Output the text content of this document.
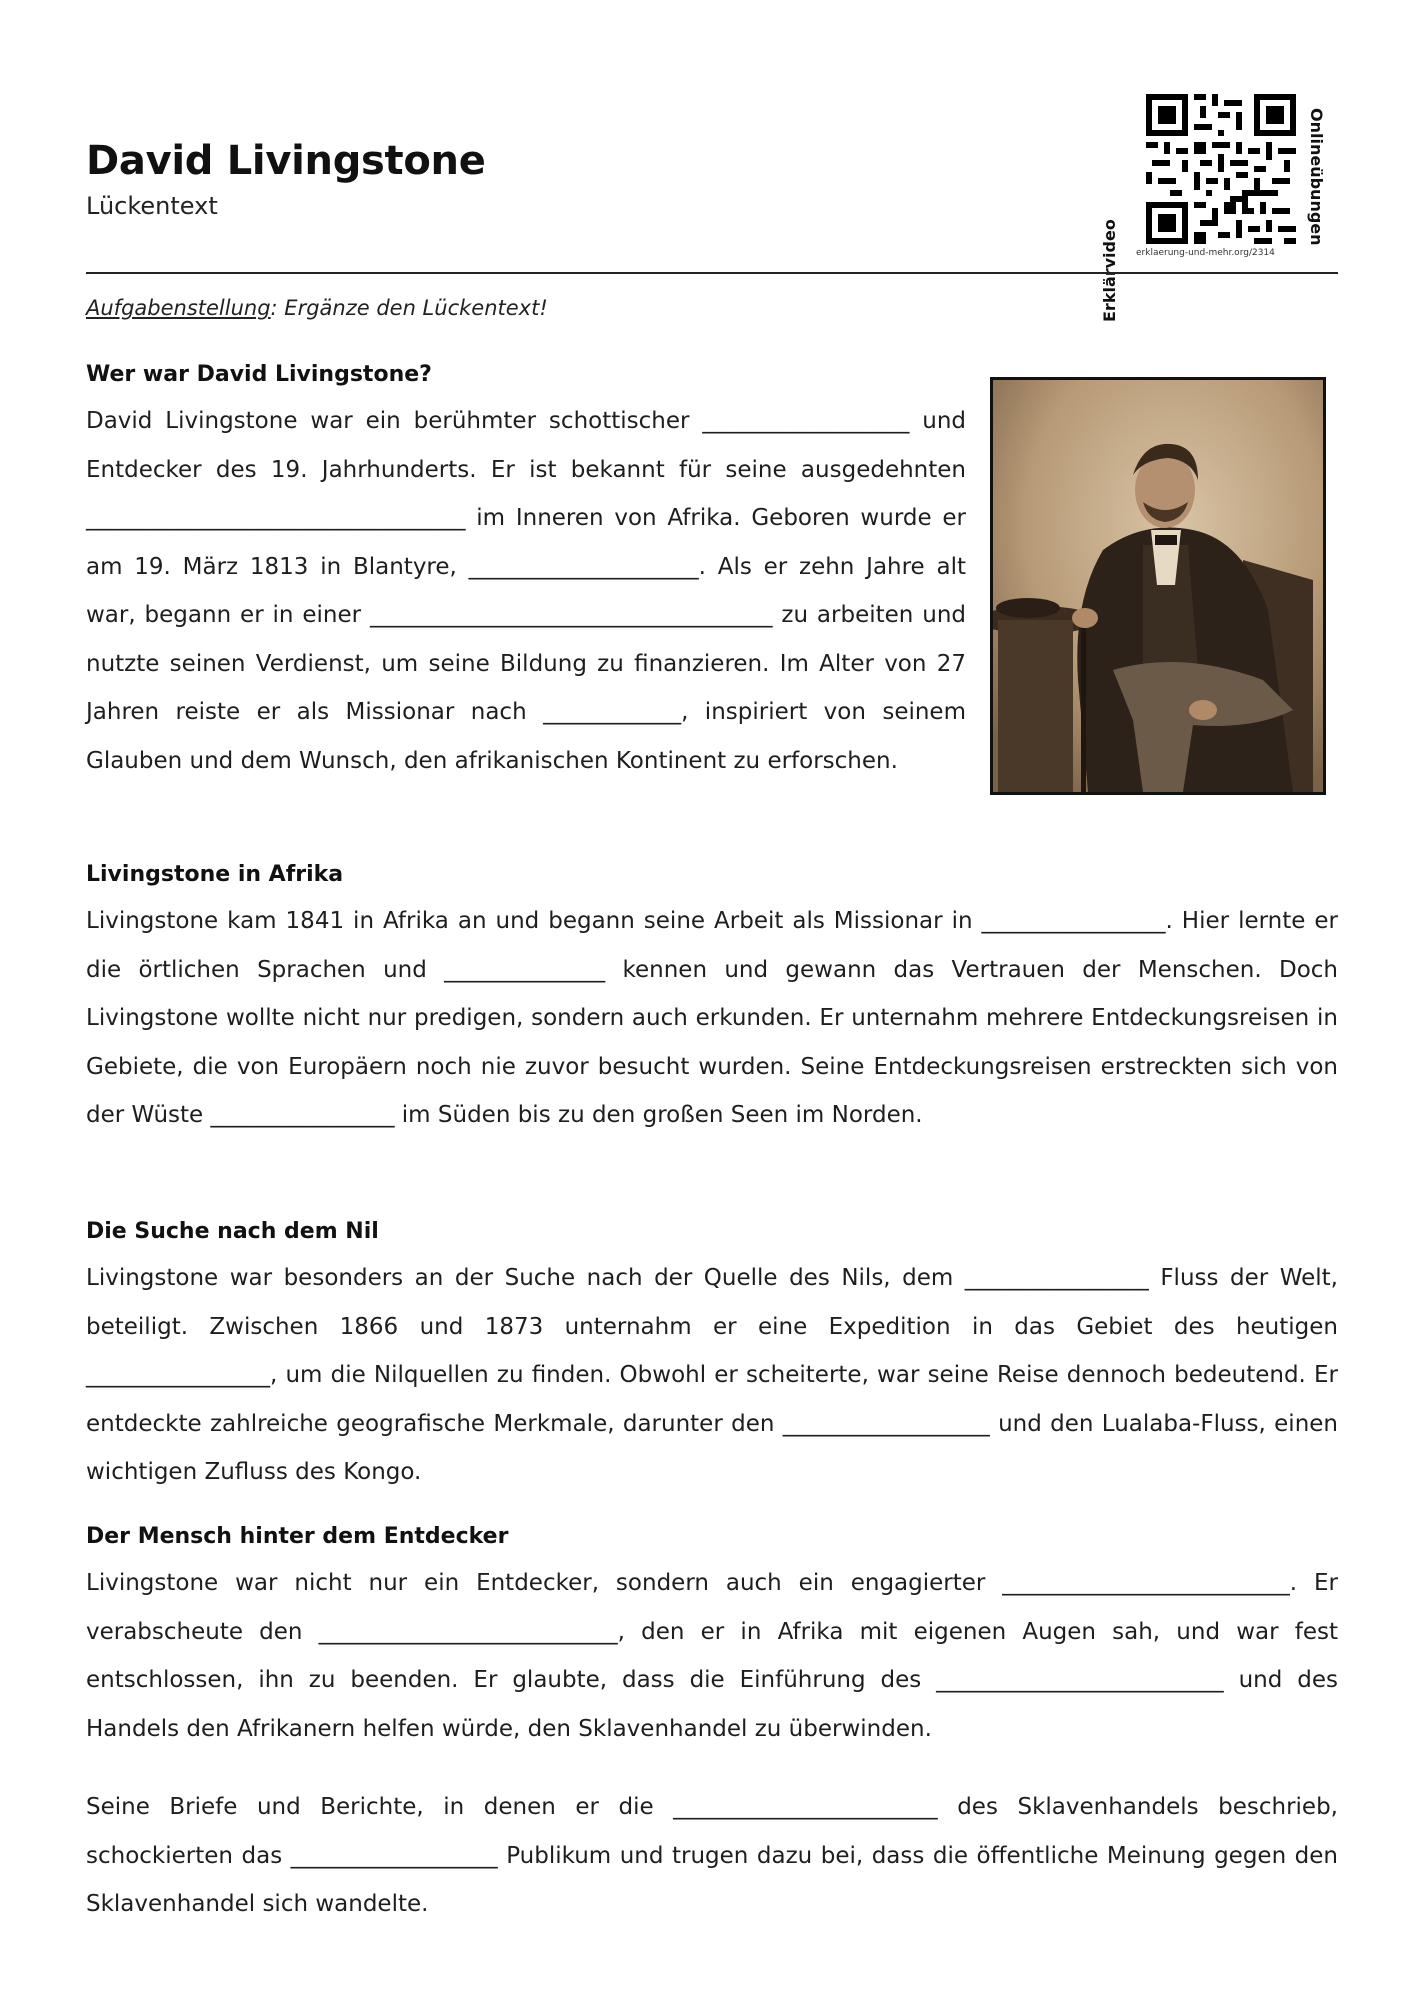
David Livingstone
Lückentext
Erklärvideo
Onlineübungen
erklaerung-und-mehr.org/2314
Aufgabenstellung: Ergänze den Lückentext!
Wer war David Livingstone?

David Livingstone war ein berühmter schottischer __________________ und Entdecker des 19. Jahrhunderts. Er ist bekannt für seine ausgedehnten _________________________________ im Inneren von Afrika. Geboren wurde er am 19. März 1813 in Blantyre, ____________________. Als er zehn Jahre alt war, begann er in einer ___________________________________ zu arbeiten und nutzte seinen Verdienst, um seine Bildung zu finanzieren. Im Alter von 27 Jahren reiste er als Missionar nach ____________, inspiriert von seinem Glauben und dem Wunsch, den afrikanischen Kontinent zu erforschen.

Livingstone in Afrika

Livingstone kam 1841 in Afrika an und begann seine Arbeit als Missionar in ________________. Hier lernte er die örtlichen Sprachen und ______________ kennen und gewann das Vertrauen der Menschen. Doch Livingstone wollte nicht nur predigen, sondern auch erkunden. Er unternahm mehrere Entdeckungsreisen in Gebiete, die von Europäern noch nie zuvor besucht wurden. Seine Entdeckungsreisen erstreckten sich von der Wüste ________________ im Süden bis zu den großen Seen im Norden.

Die Suche nach dem Nil

Livingstone war besonders an der Suche nach der Quelle des Nils, dem ________________ Fluss der Welt, beteiligt. Zwischen 1866 und 1873 unternahm er eine Expedition in das Gebiet des heutigen ________________, um die Nilquellen zu finden. Obwohl er scheiterte, war seine Reise dennoch bedeutend. Er entdeckte zahlreiche geografische Merkmale, darunter den __________________ und den Lualaba-Fluss, einen wichtigen Zufluss des Kongo.

Der Mensch hinter dem Entdecker

Livingstone war nicht nur ein Entdecker, sondern auch ein engagierter _________________________. Er verabscheute den __________________________, den er in Afrika mit eigenen Augen sah, und war fest entschlossen, ihn zu beenden. Er glaubte, dass die Einführung des _________________________ und des Handels den Afrikanern helfen würde, den Sklavenhandel zu überwinden.

Seine Briefe und Berichte, in denen er die _______________________ des Sklavenhandels beschrieb, schockierten das __________________ Publikum und trugen dazu bei, dass die öffentliche Meinung gegen den Sklavenhandel sich wandelte.
